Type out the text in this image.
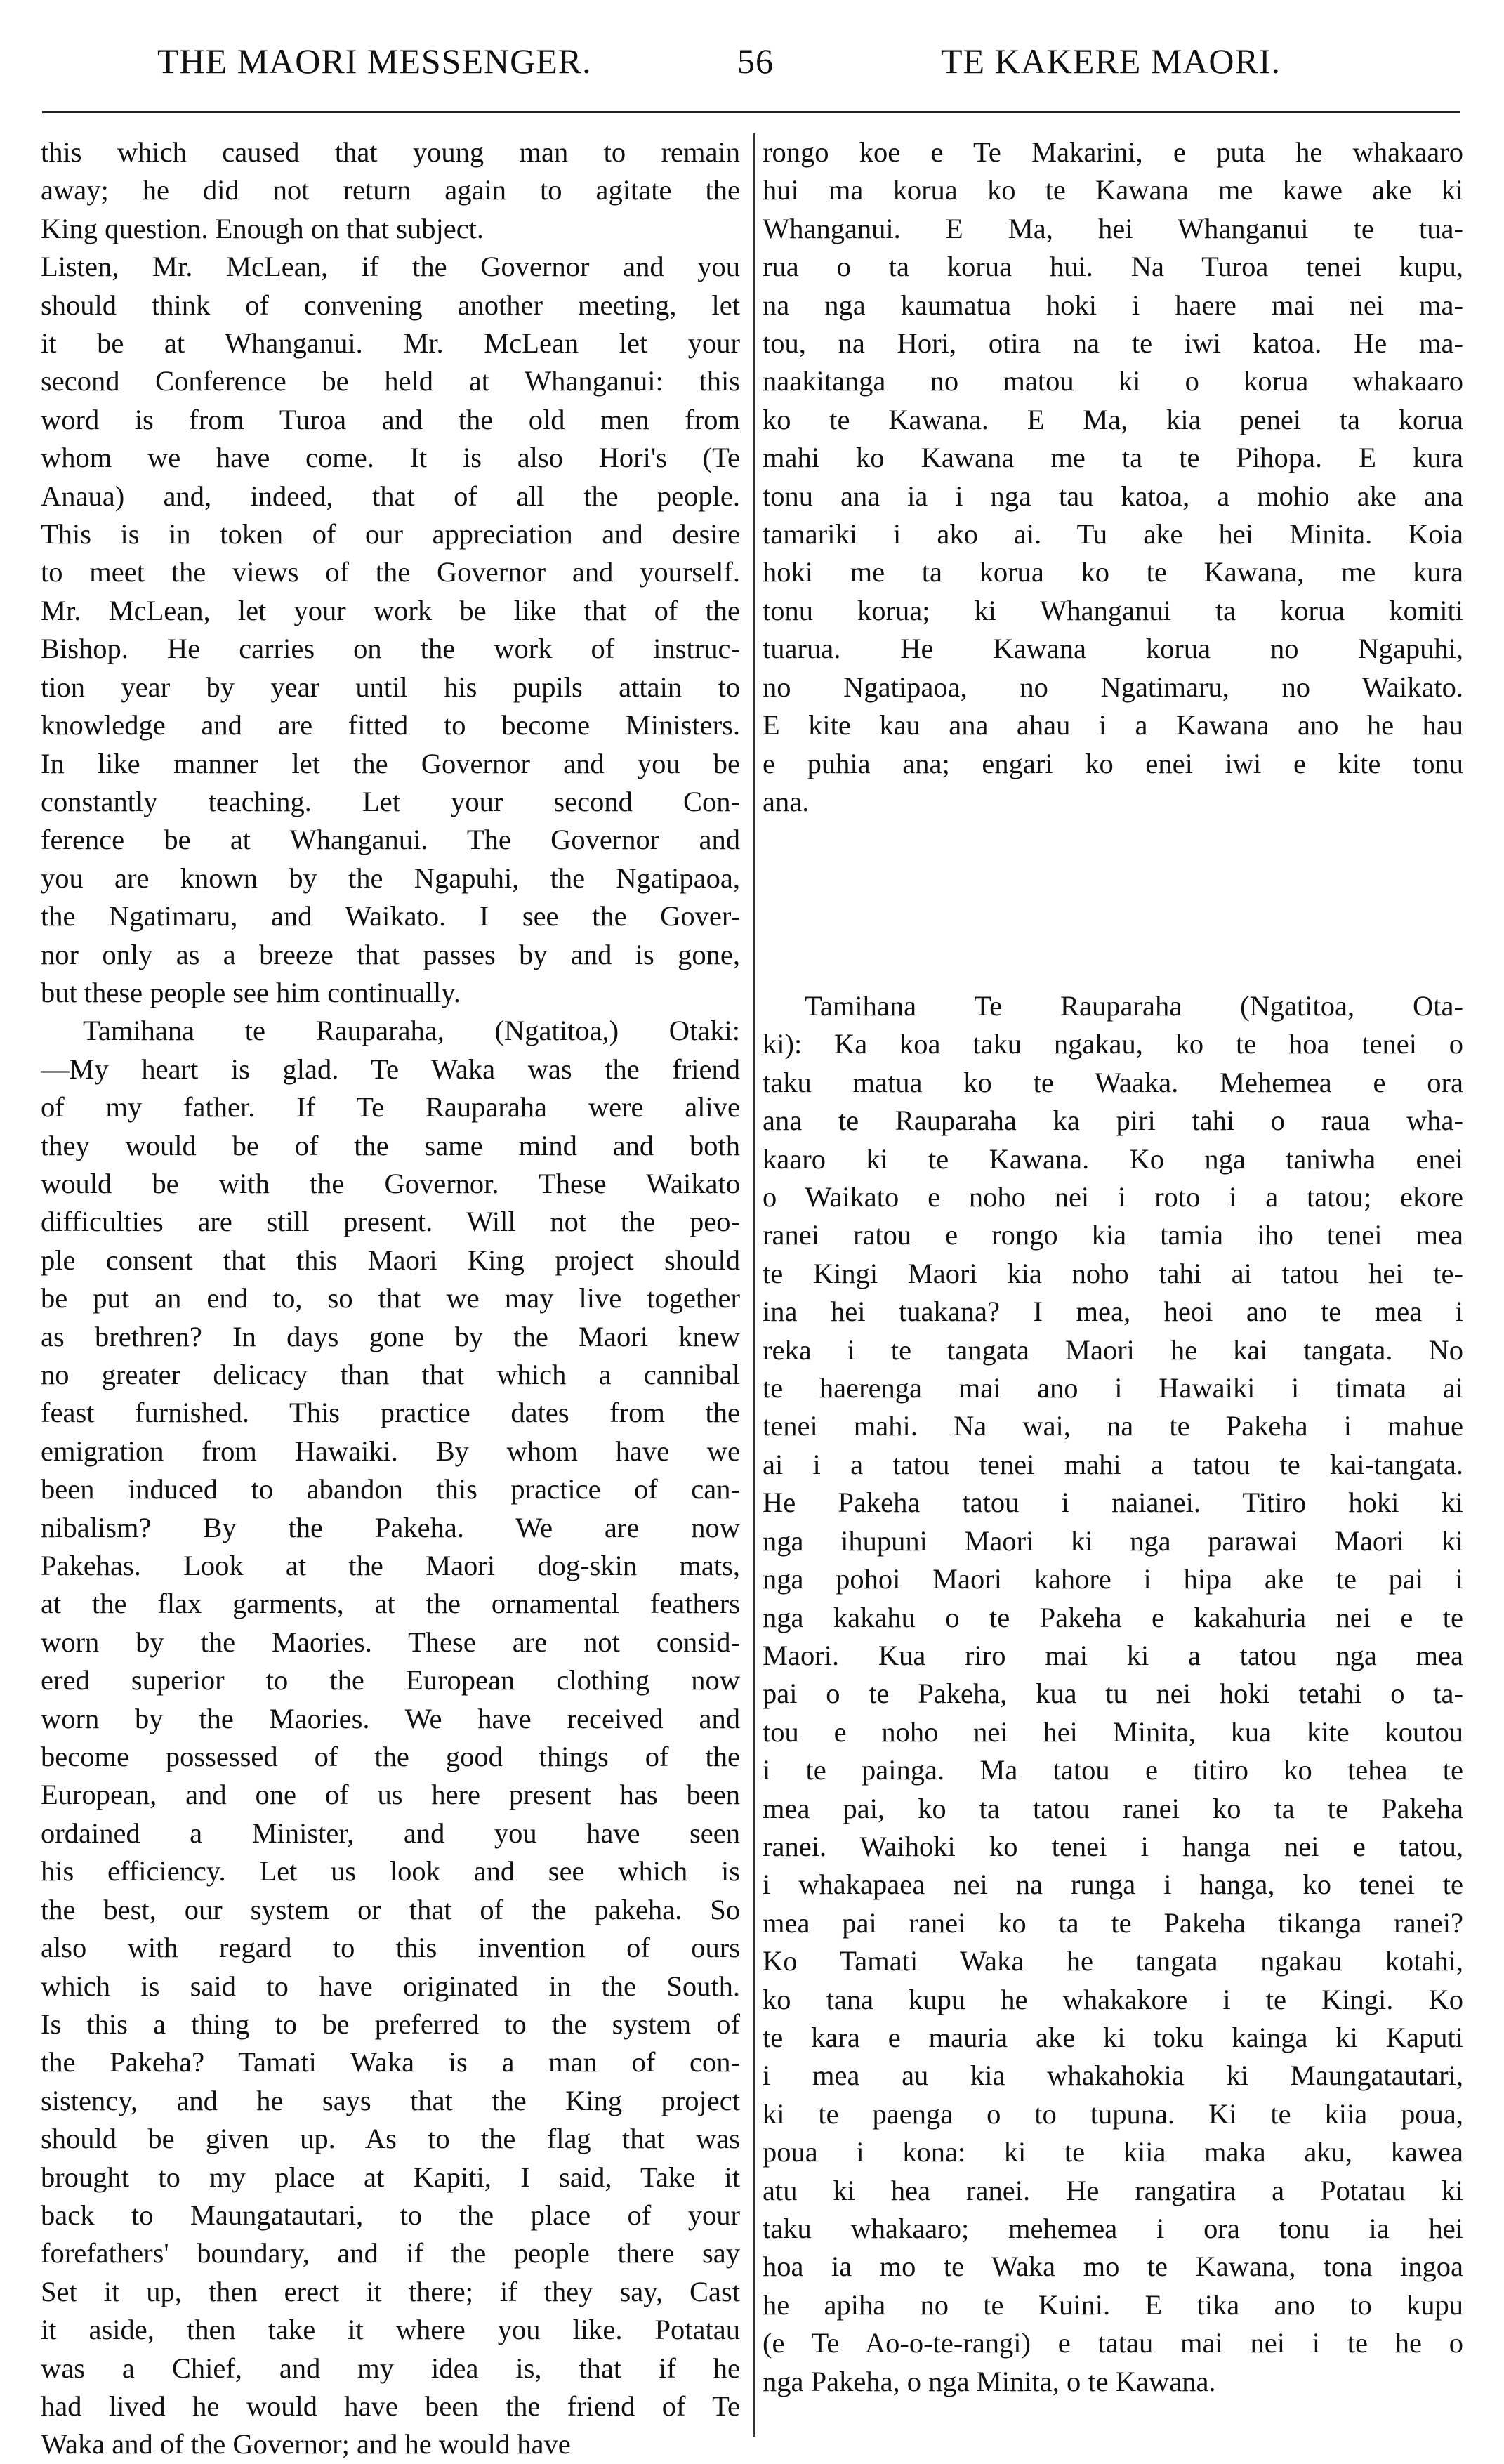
THE MAORI MESSENGER.	56	TE KAKERE MAORI.
this which caused that young man to remain
away; he did not return again to agitate the
King question. Enough on that subject.
Listen, Mr. McLean, if the Governor and you
should think of convening another meeting, let
it be at Whanganui. Mr. McLean let your
second Conference be held at Whanganui: this
word is from Turoa and the old men from
whom we have come. It is also Hori's (Te
Anaua) and, indeed, that of all the people.
This is in token of our appreciation and desire
to meet the views of the Governor and yourself.
Mr. McLean, let your work be like that of the
Bishop. He carries on the work of instruc-
tion year by year until his pupils attain to
knowledge and are fitted to become Ministers.
In like manner let the Governor and you be
constantly teaching. Let your second Con-
ference be at Whanganui. The Governor and
you are known by the Ngapuhi, the Ngatipaoa,
the Ngatimaru, and Waikato. I see the Gover-
nor only as a breeze that passes by and is gone,
but these people see him continually.
Tamihana te Rauparaha, (Ngatitoa,) Otaki:
—My heart is glad. Te Waka was the friend
of my father. If Te Rauparaha were alive
they would be of the same mind and both
would be with the Governor. These Waikato
difficulties are still present. Will not the peo-
ple consent that this Maori King project should
be put an end to, so that we may live together
as brethren? In days gone by the Maori knew
no greater delicacy than that which a cannibal
feast furnished. This practice dates from the
emigration from Hawaiki. By whom have we
been induced to abandon this practice of can-
nibalism? By the Pakeha. We are now
Pakehas. Look at the Maori dog-skin mats,
at the flax garments, at the ornamental feathers
worn by the Maories. These are not consid-
ered superior to the European clothing now
worn by the Maories. We have received and
become possessed of the good things of the
European, and one of us here present has been
ordained a Minister, and you have seen
his efficiency. Let us look and see which is
the best, our system or that of the pakeha. So
also with regard to this invention of ours
which is said to have originated in the South.
Is this a thing to be preferred to the system of
the Pakeha? Tamati Waka is a man of con-
sistency, and he says that the King project
should be given up. As to the flag that was
brought to my place at Kapiti, I said, Take it
back to Maungatautari, to the place of your
forefathers' boundary, and if the people there say
Set it up, then erect it there; if they say, Cast
it aside, then take it where you like. Potatau
was a Chief, and my idea is, that if he
had lived he would have been the friend of Te
Waka and of the Governor; and he would have
rongo koe e Te Makarini, e puta he whakaaro
hui ma korua ko te Kawana me kawe ake ki
Whanganui. E Ma, hei Whanganui te tua-
rua o ta korua hui. Na Turoa tenei kupu,
na nga kaumatua hoki i haere mai nei ma-
tou, na Hori, otira na te iwi katoa. He ma-
naakitanga no matou ki o korua whakaaro
ko te Kawana. E Ma, kia penei ta korua
mahi ko Kawana me ta te Pihopa. E kura
tonu ana ia i nga tau katoa, a mohio ake ana
tamariki i ako ai. Tu ake hei Minita. Koia
hoki me ta korua ko te Kawana, me kura
tonu korua; ki Whanganui ta korua komiti
tuarua. He Kawana korua no Ngapuhi,
no Ngatipaoa, no Ngatimaru, no Waikato.
E kite kau ana ahau i a Kawana ano he hau
e puhia ana; engari ko enei iwi e kite tonu
ana.
Tamihana Te Rauparaha (Ngatitoa, Ota-
ki): Ka koa taku ngakau, ko te hoa tenei o
taku matua ko te Waaka. Mehemea e ora
ana te Rauparaha ka piri tahi o raua wha-
kaaro ki te Kawana. Ko nga taniwha enei
o Waikato e noho nei i roto i a tatou; ekore
ranei ratou e rongo kia tamia iho tenei mea
te Kingi Maori kia noho tahi ai tatou hei te-
ina hei tuakana? I mea, heoi ano te mea i
reka i te tangata Maori he kai tangata. No
te haerenga mai ano i Hawaiki i timata ai
tenei mahi. Na wai, na te Pakeha i mahue
ai i a tatou tenei mahi a tatou te kai-tangata.
He Pakeha tatou i naianei. Titiro hoki ki
nga ihupuni Maori ki nga parawai Maori ki
nga pohoi Maori kahore i hipa ake te pai i
nga kakahu o te Pakeha e kakahuria nei e te
Maori. Kua riro mai ki a tatou nga mea
pai o te Pakeha, kua tu nei hoki tetahi o ta-
tou e noho nei hei Minita, kua kite koutou
i te painga. Ma tatou e titiro ko tehea te
mea pai, ko ta tatou ranei ko ta te Pakeha
ranei. Waihoki ko tenei i hanga nei e tatou,
i whakapaea nei na runga i hanga, ko tenei te
mea pai ranei ko ta te Pakeha tikanga ranei?
Ko Tamati Waka he tangata ngakau kotahi,
ko tana kupu he whakakore i te Kingi. Ko
te kara e mauria ake ki toku kainga ki Kaputi
i mea au kia whakahokia ki Maungatautari,
ki te paenga o to tupuna. Ki te kiia poua,
poua i kona: ki te kiia maka aku, kawea
atu ki hea ranei. He rangatira a Potatau ki
taku whakaaro; mehemea i ora tonu ia hei
hoa ia mo te Waka mo te Kawana, tona ingoa
he apiha no te Kuini. E tika ano to kupu
(e Te Ao-o-te-rangi) e tatau mai nei i te he o
nga Pakeha, o nga Minita, o te Kawana.
